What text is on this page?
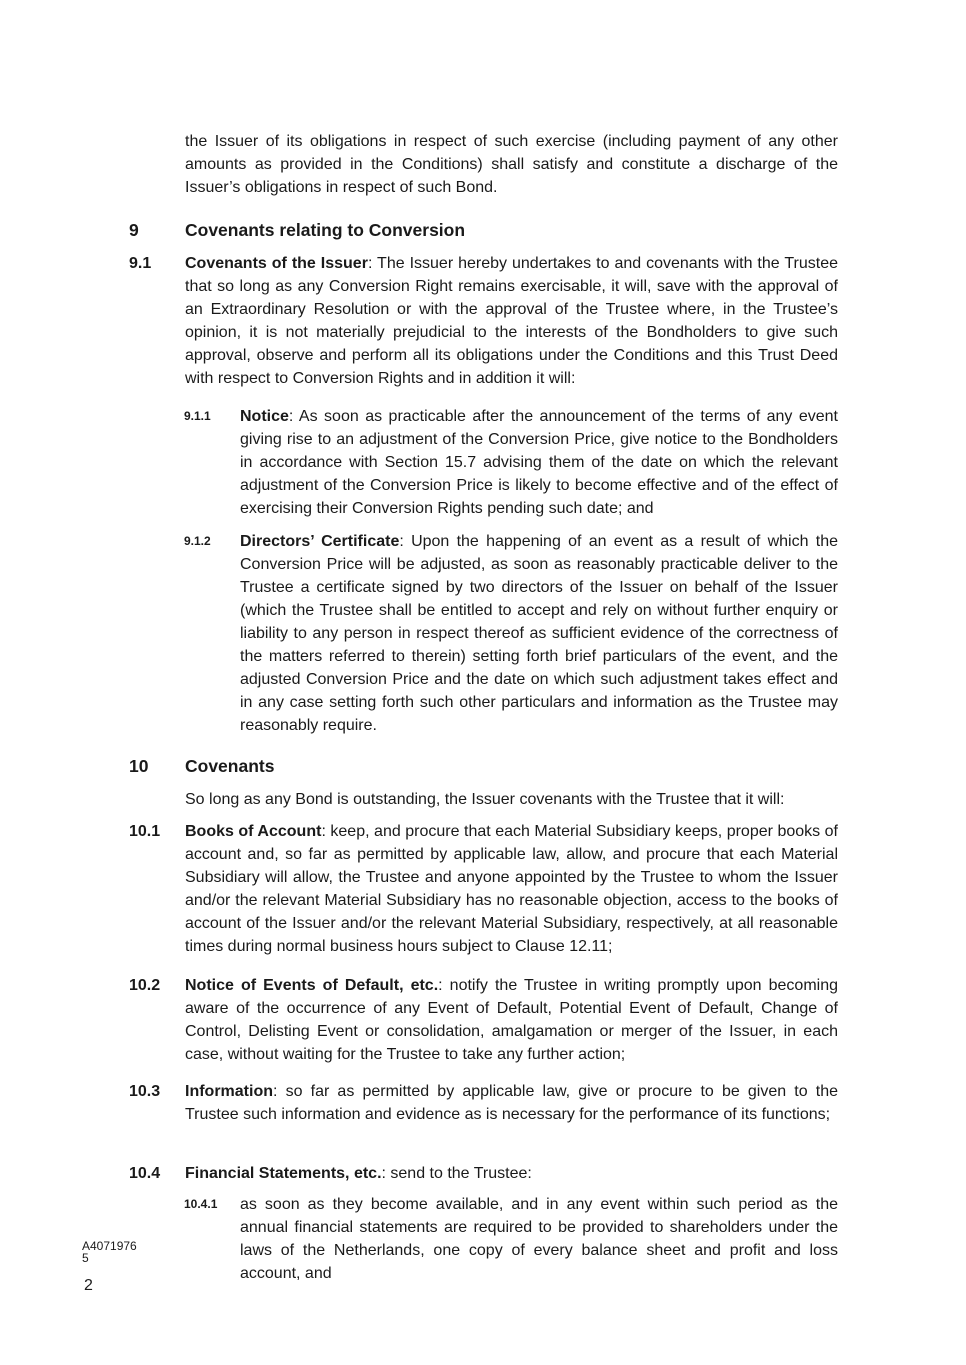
the Issuer of its obligations in respect of such exercise (including payment of any other amounts as provided in the Conditions) shall satisfy and constitute a discharge of the Issuer’s obligations in respect of such Bond.
9	Covenants relating to Conversion
9.1 Covenants of the Issuer: The Issuer hereby undertakes to and covenants with the Trustee that so long as any Conversion Right remains exercisable, it will, save with the approval of an Extraordinary Resolution or with the approval of the Trustee where, in the Trustee’s opinion, it is not materially prejudicial to the interests of the Bondholders to give such approval, observe and perform all its obligations under the Conditions and this Trust Deed with respect to Conversion Rights and in addition it will:
9.1.1 Notice: As soon as practicable after the announcement of the terms of any event giving rise to an adjustment of the Conversion Price, give notice to the Bondholders in accordance with Section 15.7 advising them of the date on which the relevant adjustment of the Conversion Price is likely to become effective and of the effect of exercising their Conversion Rights pending such date; and
9.1.2 Directors’ Certificate: Upon the happening of an event as a result of which the Conversion Price will be adjusted, as soon as reasonably practicable deliver to the Trustee a certificate signed by two directors of the Issuer on behalf of the Issuer (which the Trustee shall be entitled to accept and rely on without further enquiry or liability to any person in respect thereof as sufficient evidence of the correctness of the matters referred to therein) setting forth brief particulars of the event, and the adjusted Conversion Price and the date on which such adjustment takes effect and in any case setting forth such other particulars and information as the Trustee may reasonably require.
10 Covenants
So long as any Bond is outstanding, the Issuer covenants with the Trustee that it will:
10.1 Books of Account: keep, and procure that each Material Subsidiary keeps, proper books of account and, so far as permitted by applicable law, allow, and procure that each Material Subsidiary will allow, the Trustee and anyone appointed by the Trustee to whom the Issuer and/or the relevant Material Subsidiary has no reasonable objection, access to the books of account of the Issuer and/or the relevant Material Subsidiary, respectively, at all reasonable times during normal business hours subject to Clause 12.11;
10.2 Notice of Events of Default, etc.: notify the Trustee in writing promptly upon becoming aware of the occurrence of any Event of Default, Potential Event of Default, Change of Control, Delisting Event or consolidation, amalgamation or merger of the Issuer, in each case, without waiting for the Trustee to take any further action;
10.3 Information: so far as permitted by applicable law, give or procure to be given to the Trustee such information and evidence as is necessary for the performance of its functions;
10.4 Financial Statements, etc.: send to the Trustee:
10.4.1 as soon as they become available, and in any event within such period as the annual financial statements are required to be provided to shareholders under the laws of the Netherlands, one copy of every balance sheet and profit and loss account, and
A4071976
5
2
